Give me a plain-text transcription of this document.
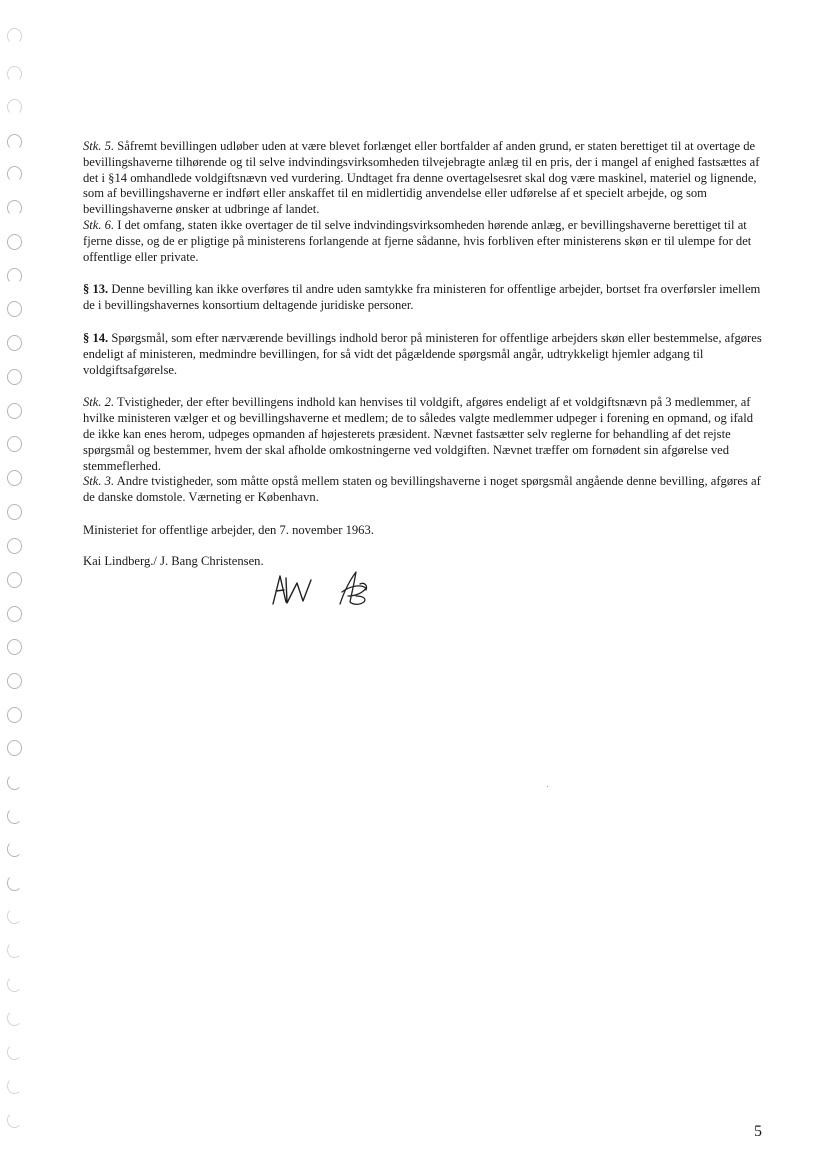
Stk. 5. Såfremt bevillingen udløber uden at være blevet forlænget eller bortfalder af anden grund, er staten berettiget til at overtage de bevillingshaverne tilhørende og til selve indvindingsvirksomheden tilvejebragte anlæg til en pris, der i mangel af enighed fastsættes af det i §14 omhandlede voldgiftsnævn ved vurdering. Undtaget fra denne overtagelsesret skal dog være maskinel, materiel og lignende, som af bevillingshaverne er indført eller anskaffet til en midlertidig anvendelse eller udførelse af et specielt arbejde, og som bevillingshaverne ønsker at udbringe af landet.

Stk. 6. I det omfang, staten ikke overtager de til selve indvindingsvirksomheden hørende anlæg, er bevillingshaverne berettiget til at fjerne disse, og de er pligtige på ministerens forlangende at fjerne sådanne, hvis forbliven efter ministerens skøn er til ulempe for det offentlige eller private.

§ 13. Denne bevilling kan ikke overføres til andre uden samtykke fra ministeren for offentlige arbejder, bortset fra overførsler imellem de i bevillingshavernes konsortium deltagende juridiske personer.

§ 14. Spørgsmål, som efter nærværende bevillings indhold beror på ministeren for offentlige arbejders skøn eller bestemmelse, afgøres endeligt af ministeren, medmindre bevillingen, for så vidt det pågældende spørgsmål angår, udtrykkeligt hjemler adgang til voldgiftsafgørelse.

Stk. 2. Tvistigheder, der efter bevillingens indhold kan henvises til voldgift, afgøres endeligt af et voldgiftsnævn på 3 medlemmer, af hvilke ministeren vælger et og bevillingshaverne et medlem; de to således valgte medlemmer udpeger i forening en opmand, og ifald de ikke kan enes herom, udpeges opmanden af højesterets præsident. Nævnet fastsætter selv reglerne for behandling af det rejste spørgsmål og bestemmer, hvem der skal afholde omkostningerne ved voldgiften. Nævnet træffer om fornødent sin afgørelse ved stemmeflerhed.

Stk. 3. Andre tvistigheder, som måtte opstå mellem staten og bevillingshaverne i noget spørgsmål angående denne bevilling, afgøres af de danske domstole. Værneting er København.

Ministeriet for offentlige arbejder, den 7. november 1963.

Kai Lindberg./ J. Bang Christensen.

5
